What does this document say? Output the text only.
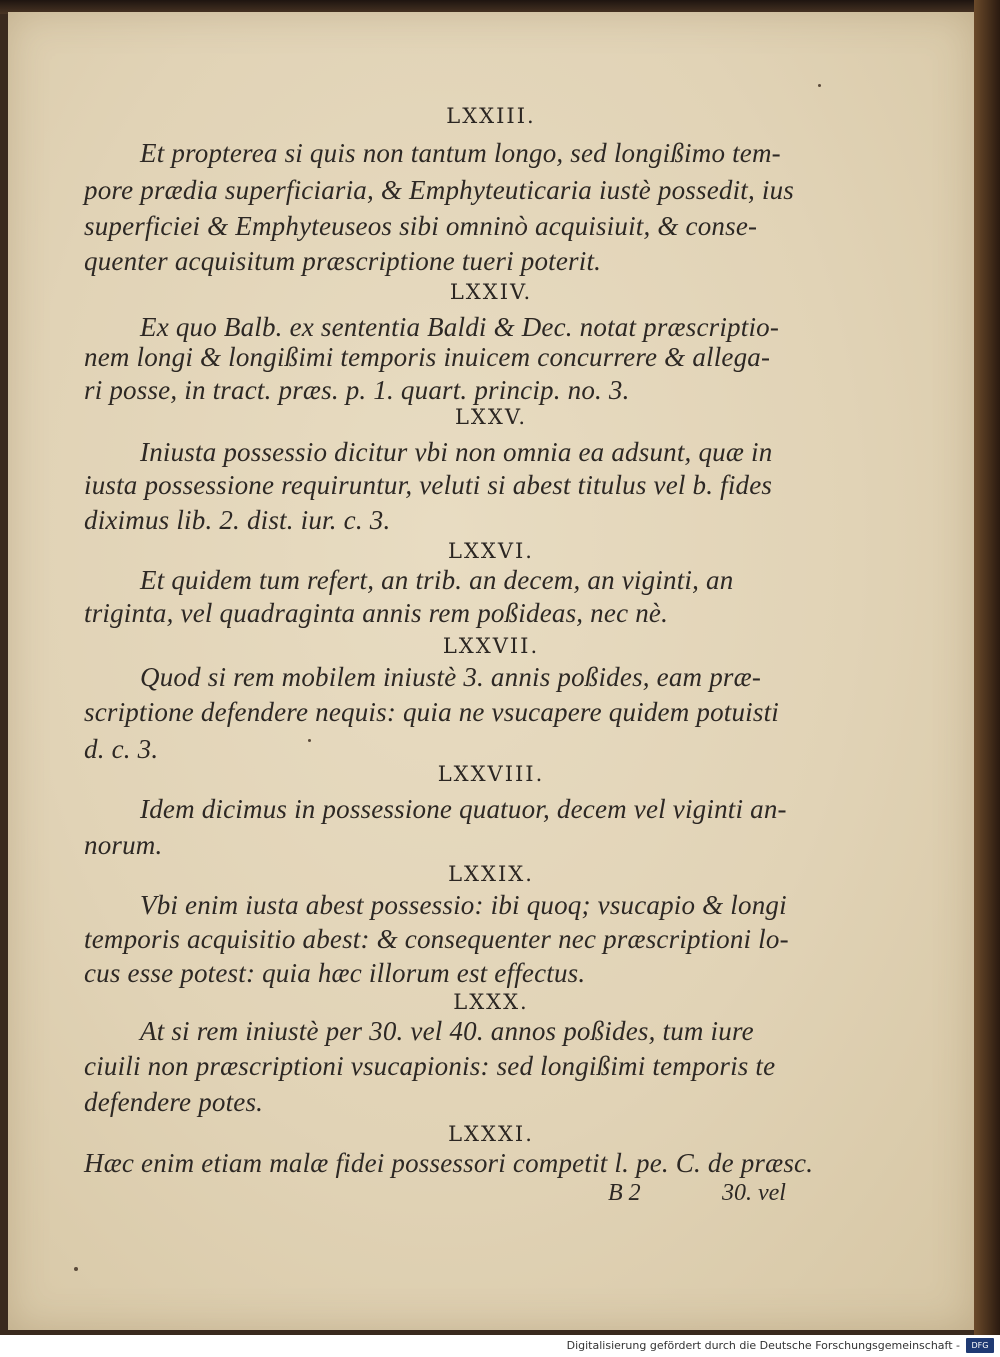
LXXIII.
Et propterea si quis non tantum longo, sed longißimo tem-
pore prædia superficiaria, & Emphyteuticaria iustè possedit, ius
superficiei & Emphyteuseos sibi omninò acquisiuit, & conse-
quenter acquisitum præscriptione tueri poterit.
LXXIV.
Ex quo Balb. ex sententia Baldi & Dec. notat præscriptio-
nem longi & longißimi temporis inuicem concurrere & allega-
ri posse, in tract. præs. p. 1. quart. princip. no. 3.
LXXV.
Iniusta possessio dicitur vbi non omnia ea adsunt, quæ in
iusta possessione requiruntur, veluti si abest titulus vel b. fides
diximus lib. 2. dist. iur. c. 3.
LXXVI.
Et quidem tum refert, an trib. an decem, an viginti, an
triginta, vel quadraginta annis rem poßideas, nec nè.
LXXVII.
Quod si rem mobilem iniustè 3. annis poßides, eam præ-
scriptione defendere nequis: quia ne vsucapere quidem potuisti
d. c. 3.
LXXVIII.
Idem dicimus in possessione quatuor, decem vel viginti an-
norum.
LXXIX.
Vbi enim iusta abest possessio: ibi quoq; vsucapio & longi
temporis acquisitio abest: & consequenter nec præscriptioni lo-
cus esse potest: quia hæc illorum est effectus.
LXXX.
At si rem iniustè per 30. vel 40. annos poßides, tum iure
ciuili non præscriptioni vsucapionis: sed longißimi temporis te
defendere potes.
LXXXI.
Hæc enim etiam malæ fidei possessori competit l. pe. C. de præsc.
B 2	30. vel
Digitalisierung gefördert durch die Deutsche Forschungsgemeinschaft -	DFG
